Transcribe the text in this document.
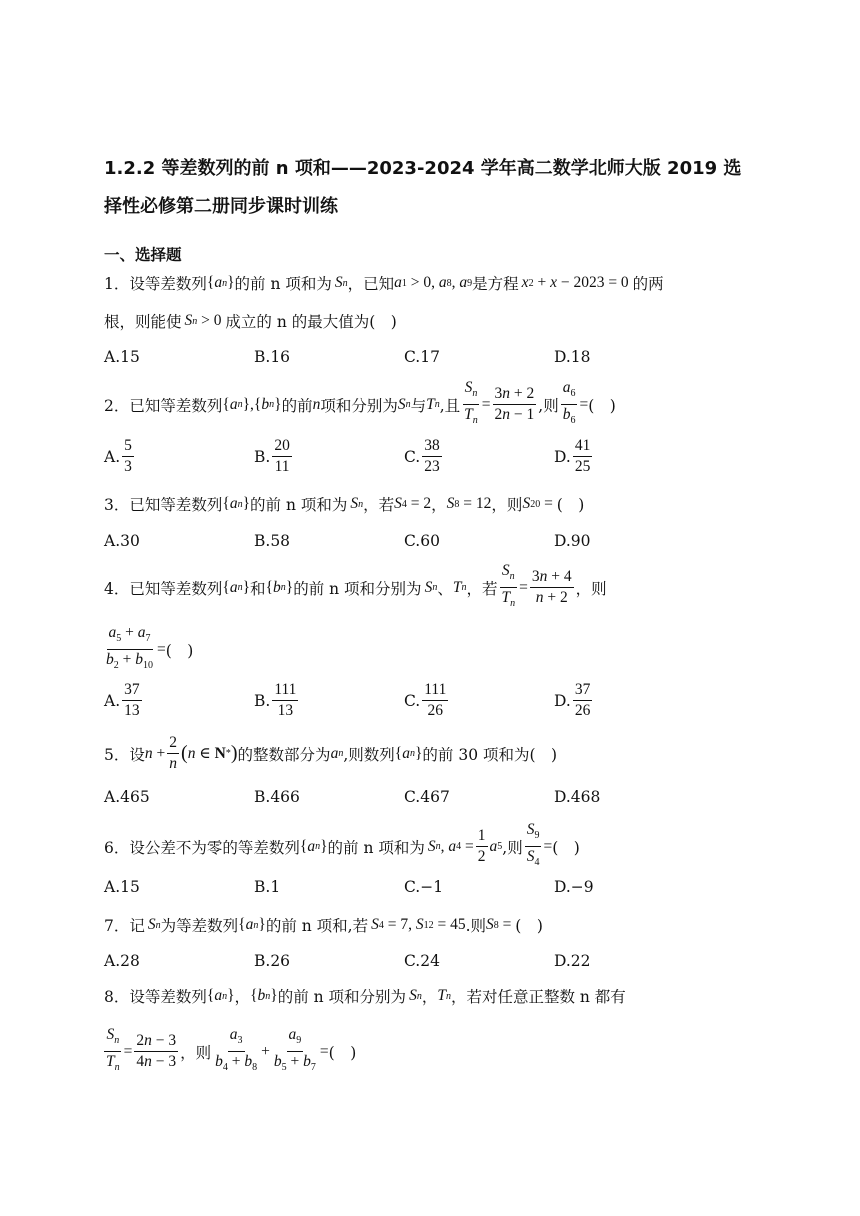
1.2.2 等差数列的前 n 项和——2023-2024 学年高二数学北师大版 2019 选择性必修第二册同步课时训练
一、选择题
1． 设等差数列 { a n } 的前 n 项和为 S n ，已知 a 1 > 0, a 8 , a 9 是方程 x 2 + x − 2023 = 0 的两
根，则能使 S n > 0 成立的 n 的最大值为(　)
A.15	B.16	C.17	D.18
2． 已知等差数列 { a n },{ b n } 的前 n 项和分别为 S n 与 T n ,且 $\frac{S_n}{T_n} = \frac{3n + 2}{2n - 1}$ ,则 $\frac{a_6}{b_6}$ = (　)
A. $\frac{5}{3}$	B. $\frac{20}{11}$	C. $\frac{38}{23}$	D. $\frac{41}{25}$
3． 已知等差数列 { a n } 的前 n 项和为 S n ，若 S 4 = 2 ， S 8 = 12 ，则 S 20 = (　)
A.30	B.58	C.60	D.90
4． 已知等差数列 { a n } 和 { b n } 的前 n 项和分别为 S n 、 T n ，若 $\frac{S_n}{T_n} = \frac{3n + 4}{n + 2}$ ，则
$\frac{a_5 + a_7}{b_2 + b_{10}}$ = (　)
A. $\frac{37}{13}$	B. $\frac{111}{13}$	C. $\frac{111}{26}$	D. $\frac{37}{26}$
5． 设 $n + \frac{2}{n}$ ( n ∈ N * ) 的整数部分为 a n ,则数列 { a n } 的前 30 项和为(　)
A.465	B.466	C.467	D.468
6． 设公差不为零的等差数列 { a n } 的前 n 项和为 S n , a $4 = \frac{1}{2}$ a 5 ,则 $\frac{S_9}{S_4}$ = (　)
A.15	B.1	C.−1	D.−9
7． 记 S n 为等差数列 { a n } 的前 n 项和,若 S 4 = 7, S 12 = 45 .则 S 8 = (　)
A.28	B.26	C.24	D.22
8． 设等差数列 { a n } ， { b n } 的前 n 项和分别为 S n ， T n ，若对任意正整数 n 都有
$\frac{S_n}{T_n} = \frac{2n - 3}{4n - 3}$ ，则 $\frac{a_3}{b_4 + b_8} + \frac{a_9}{b_5 + b_7}$ = (　)
